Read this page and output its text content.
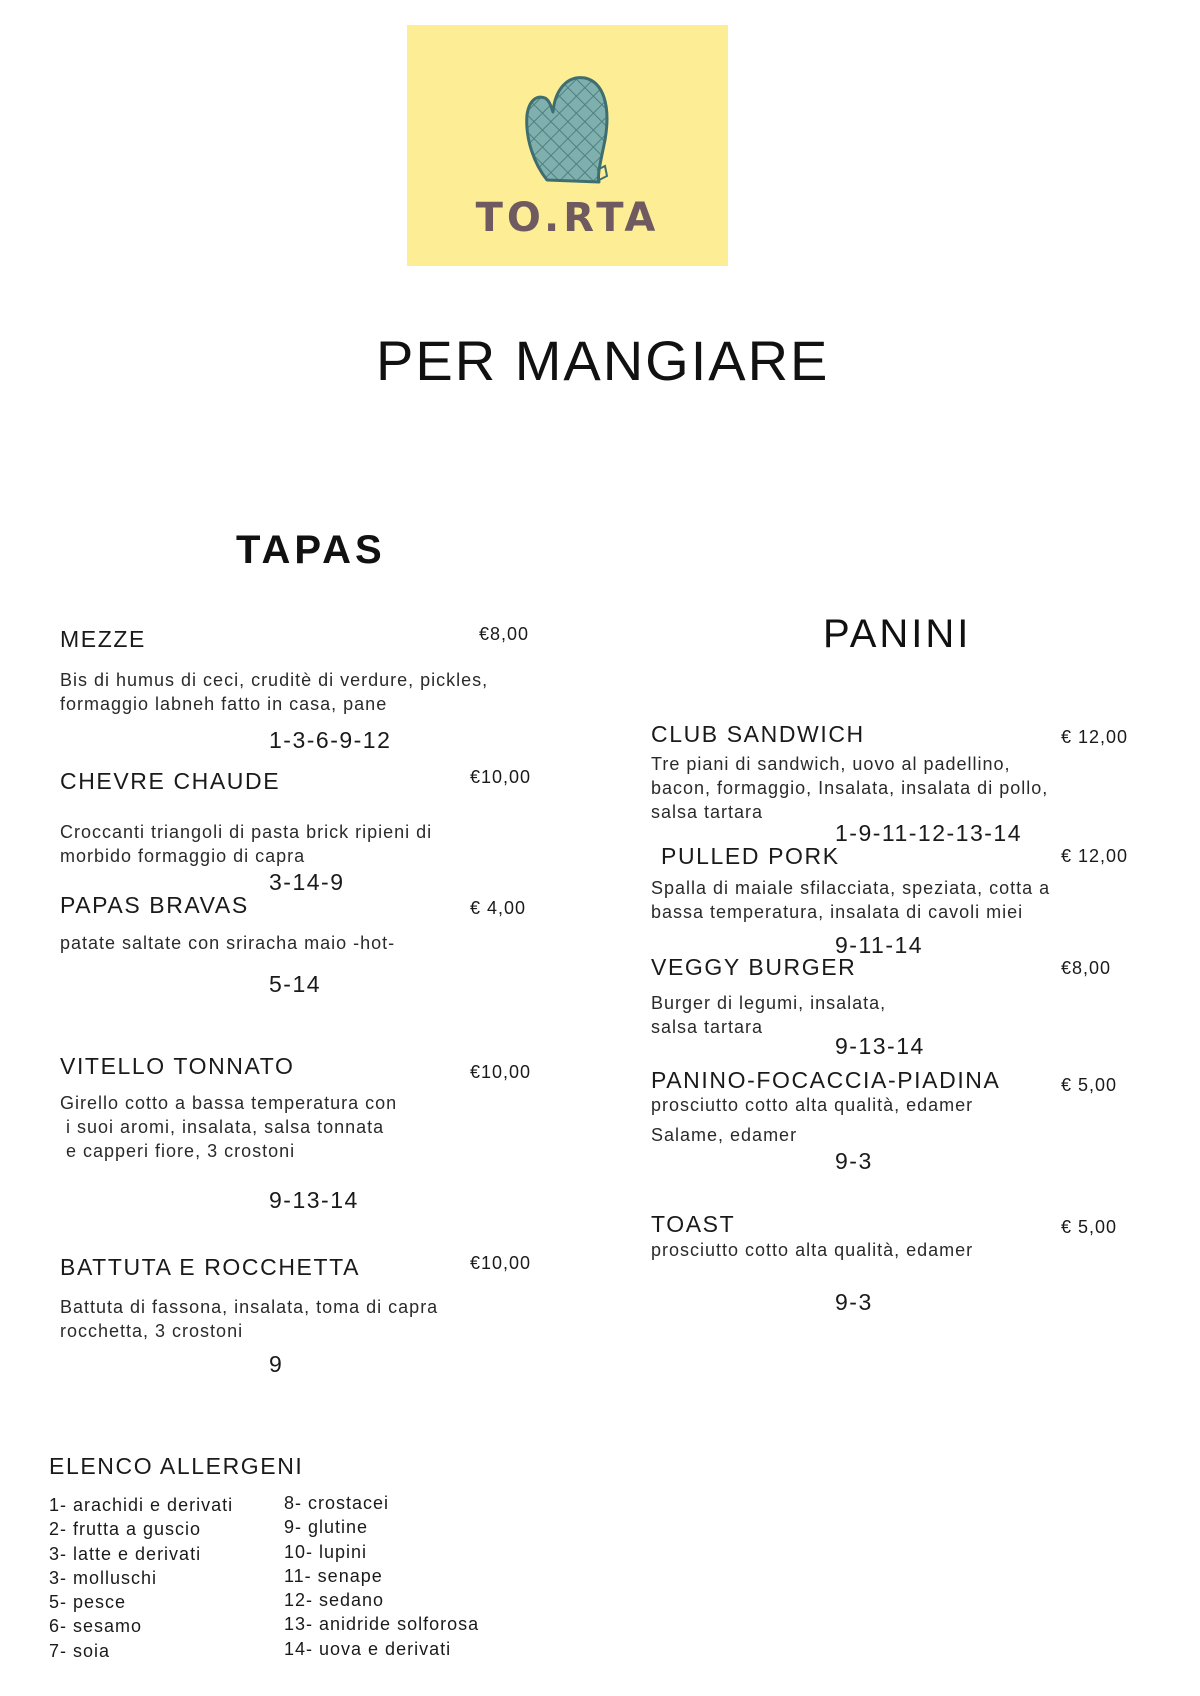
TO.RTA
PER MANGIARE
TAPAS
MEZZE	€8,00
Bis di humus di ceci, cruditè di verdure, pickles,
formaggio labneh fatto in casa, pane
1-3-6-9-12
CHEVRE CHAUDE	€10,00
Croccanti triangoli di pasta brick ripieni di
morbido formaggio di capra
3-14-9
PAPAS BRAVAS	€ 4,00
patate saltate con sriracha maio -hot-
5-14
VITELLO TONNATO	€10,00
Girello cotto a bassa temperatura con
i suoi aromi, insalata, salsa tonnata
e capperi fiore, 3 crostoni
9-13-14
BATTUTA E ROCCHETTA	€10,00
Battuta di fassona, insalata, toma di capra
rocchetta, 3 crostoni
9
PANINI
CLUB SANDWICH	€ 12,00
Tre piani di sandwich, uovo al padellino,
bacon, formaggio, Insalata, insalata di pollo,
salsa tartara
1-9-11-12-13-14
PULLED PORK	€ 12,00
Spalla di maiale sfilacciata, speziata, cotta a
bassa temperatura, insalata di cavoli miei
9-11-14
VEGGY BURGER	€8,00
Burger di legumi, insalata,
salsa tartara
9-13-14
PANINO-FOCACCIA-PIADINA	€ 5,00
prosciutto cotto alta qualità, edamer
Salame, edamer
9-3
TOAST	€ 5,00
prosciutto cotto alta qualità, edamer
9-3
ELENCO ALLERGENI
1- arachidi e derivati
2- frutta a guscio
3- latte e derivati
3- molluschi
5- pesce
6- sesamo
7- soia
8- crostacei
9- glutine
10- lupini
11- senape
12- sedano
13- anidride solforosa
14- uova e derivati
